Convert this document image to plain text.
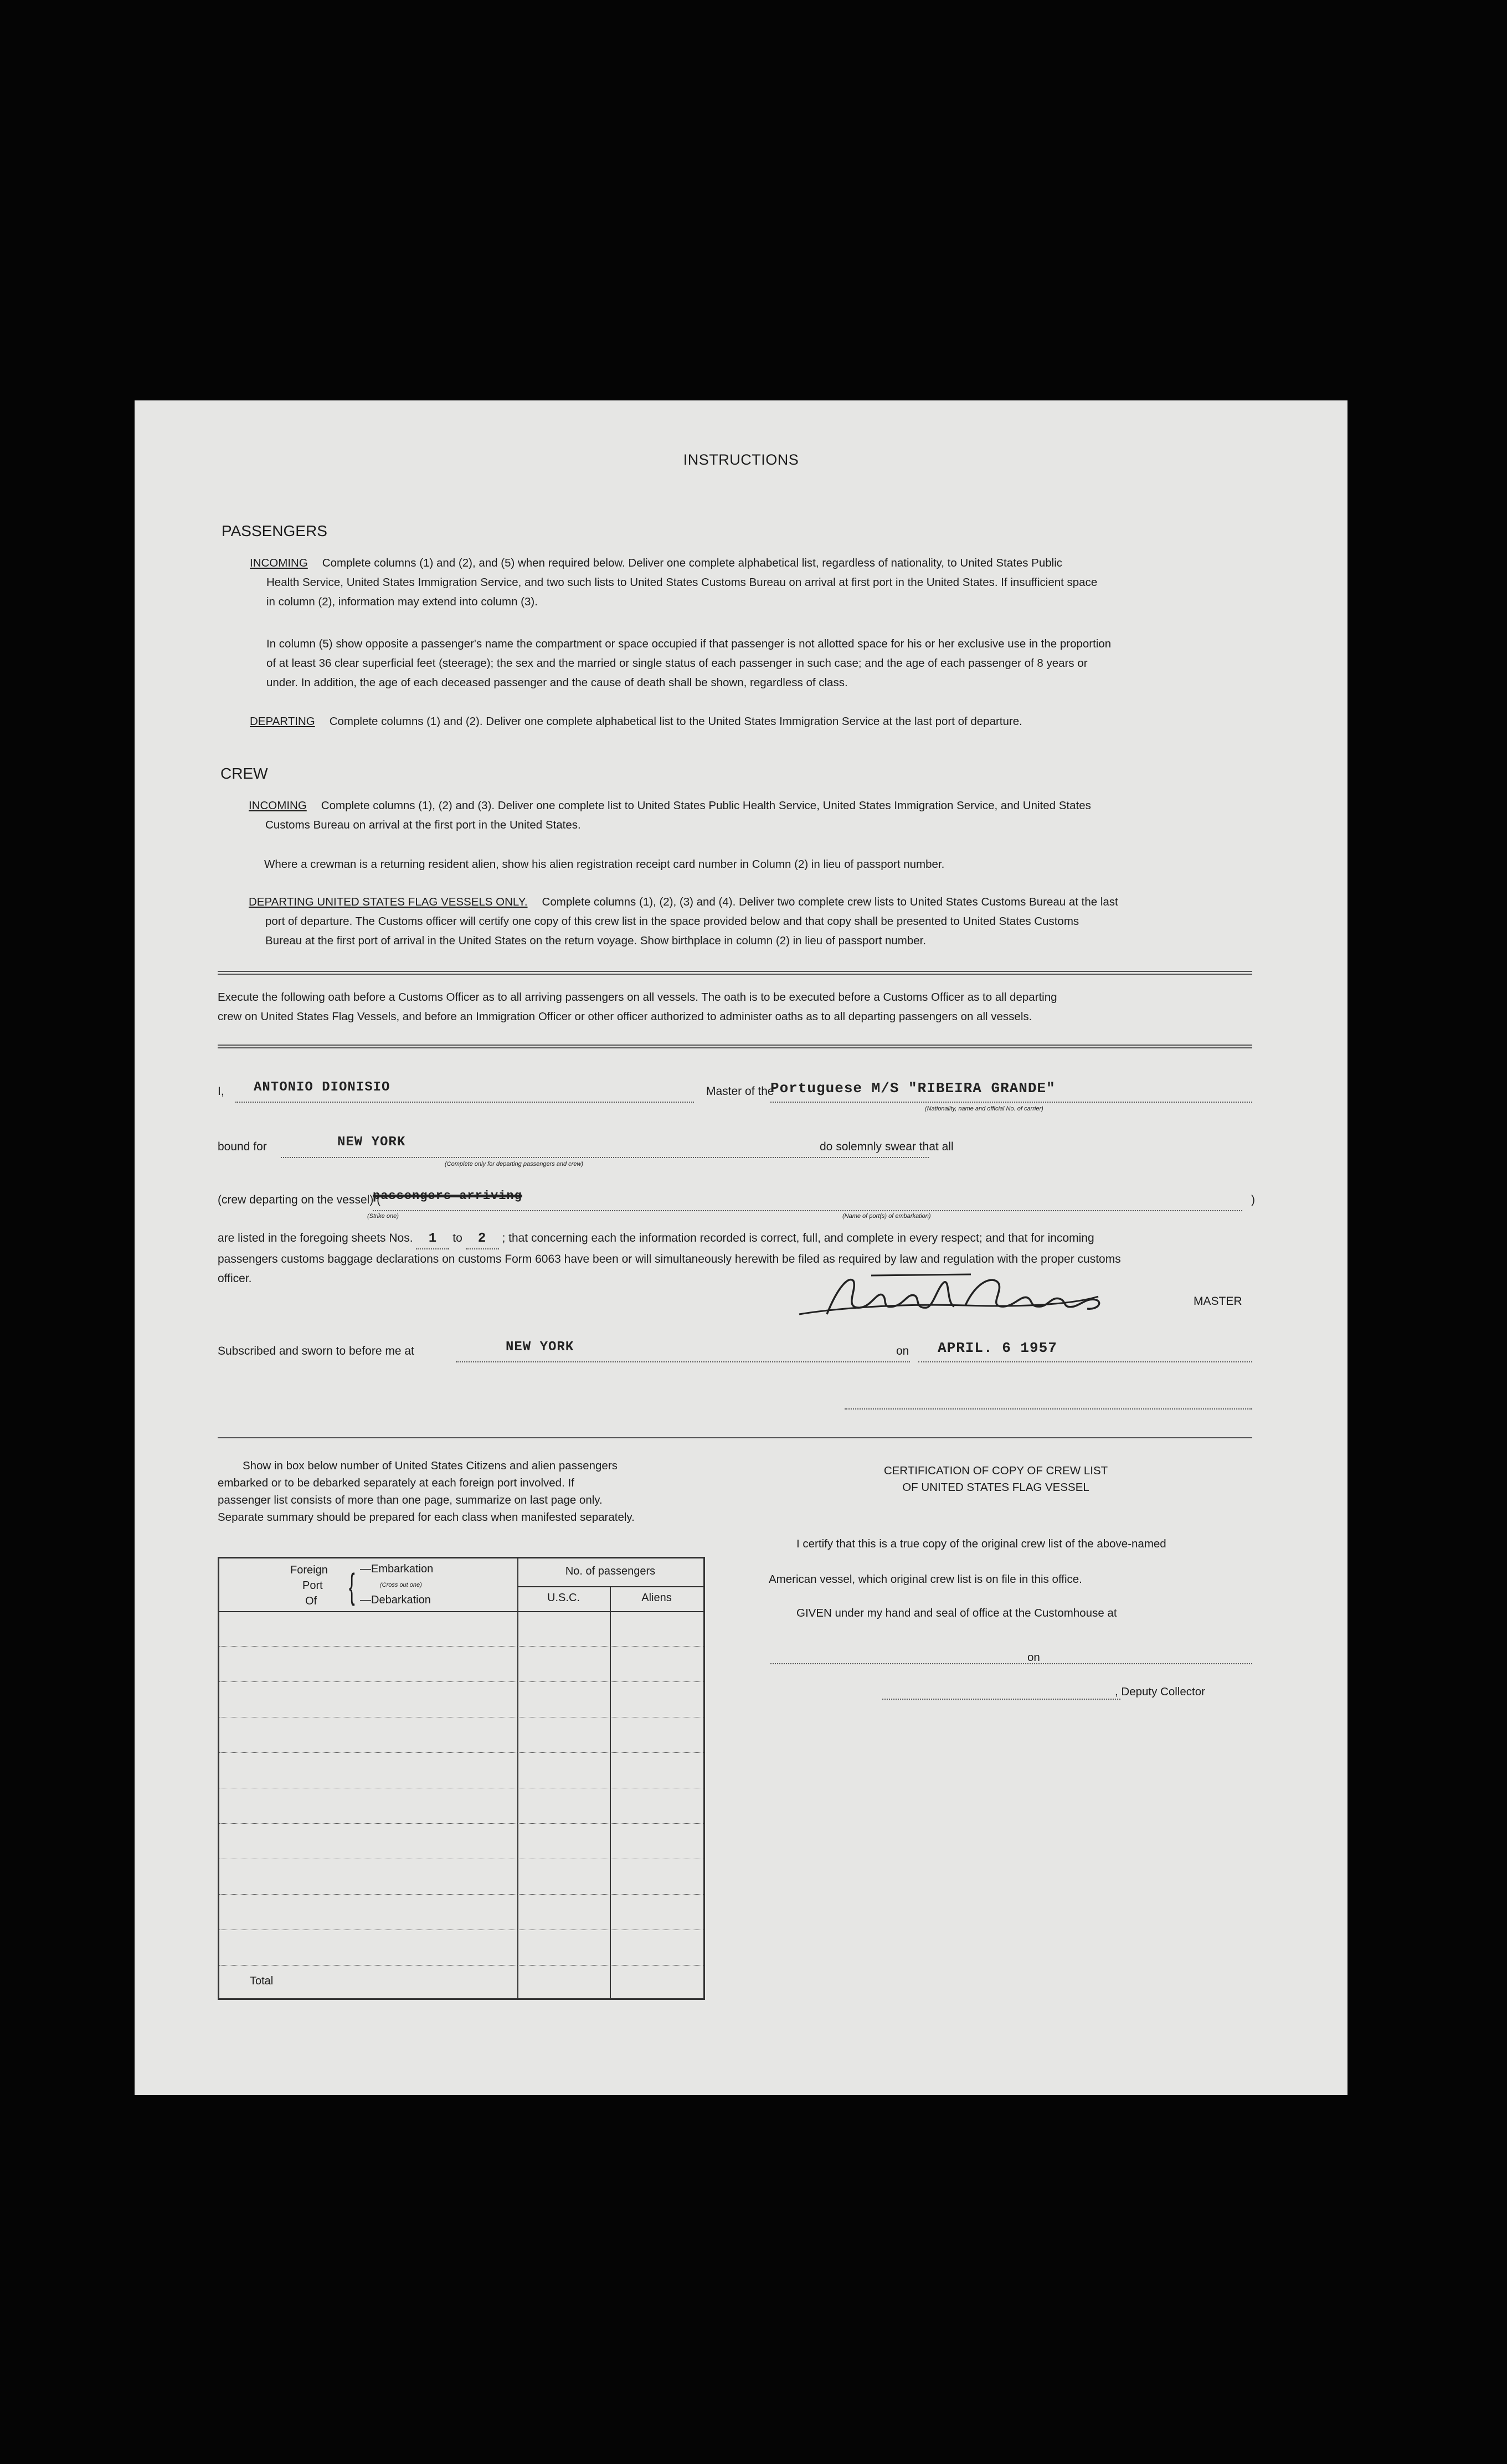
INSTRUCTIONS
PASSENGERS
INCOMING Complete columns (1) and (2), and (5) when required below. Deliver one complete alphabetical list, regardless of nationality, to United States Public
Health Service, United States Immigration Service, and two such lists to United States Customs Bureau on arrival at first port in the United States. If insufficient space
in column (2), information may extend into column (3).
In column (5) show opposite a passenger's name the compartment or space occupied if that passenger is not allotted space for his or her exclusive use in the proportion
of at least 36 clear superficial feet (steerage); the sex and the married or single status of each passenger in such case; and the age of each passenger of 8 years or
under. In addition, the age of each deceased passenger and the cause of death shall be shown, regardless of class.
DEPARTING Complete columns (1) and (2). Deliver one complete alphabetical list to the United States Immigration Service at the last port of departure.
CREW
INCOMING Complete columns (1), (2) and (3). Deliver one complete list to United States Public Health Service, United States Immigration Service, and United States
Customs Bureau on arrival at the first port in the United States.
Where a crewman is a returning resident alien, show his alien registration receipt card number in Column (2) in lieu of passport number.
DEPARTING UNITED STATES FLAG VESSELS ONLY. Complete columns (1), (2), (3) and (4). Deliver two complete crew lists to United States Customs Bureau at the last
port of departure. The Customs officer will certify one copy of this crew list in the space provided below and that copy shall be presented to United States Customs
Bureau at the first port of arrival in the United States on the return voyage. Show birthplace in column (2) in lieu of passport number.
Execute the following oath before a Customs Officer as to all arriving passengers on all vessels. The oath is to be executed before a Customs Officer as to all departing
crew on United States Flag Vessels, and before an Immigration Officer or other officer authorized to administer oaths as to all departing passengers on all vessels.
I, ANTONIO DIONISIO	Master of the
Portuguese M/S "RIBEIRA GRANDE"
(Nationality, name and official No. of carrier)
bound for	NEW YORK
(Complete only for departing passengers and crew)
do solemnly swear that all
(crew departing on the vessel) (
passengers arriving	)
(Strike one)	(Name of port(s) of embarkation)
are listed in the foregoing sheets Nos. 1 to 2 ; that concerning each the information recorded is correct, full, and complete in every respect; and that for incoming
passengers customs baggage declarations on customs Form 6063 have been or will simultaneously herewith be filed as required by law and regulation with the proper customs
officer.
MASTER
Subscribed and sworn to before me at	NEW YORK	on APRIL. 6 1957
Show in box below number of United States Citizens and alien passengers
embarked or to be debarked separately at each foreign port involved. If
passenger list consists of more than one page, summarize on last page only.
Separate summary should be prepared for each class when manifested separately.
Foreign
Port
Of { —Embarkation
(Cross out one)
—Debarkation
No. of passengers
U.S.C.	Aliens
Total
CERTIFICATION OF COPY OF CREW LIST
OF UNITED STATES FLAG VESSEL
I certify that this is a true copy of the original crew list of the above-named
American vessel, which original crew list is on file in this office.
GIVEN under my hand and seal of office at the Customhouse at
on
, Deputy Collector
